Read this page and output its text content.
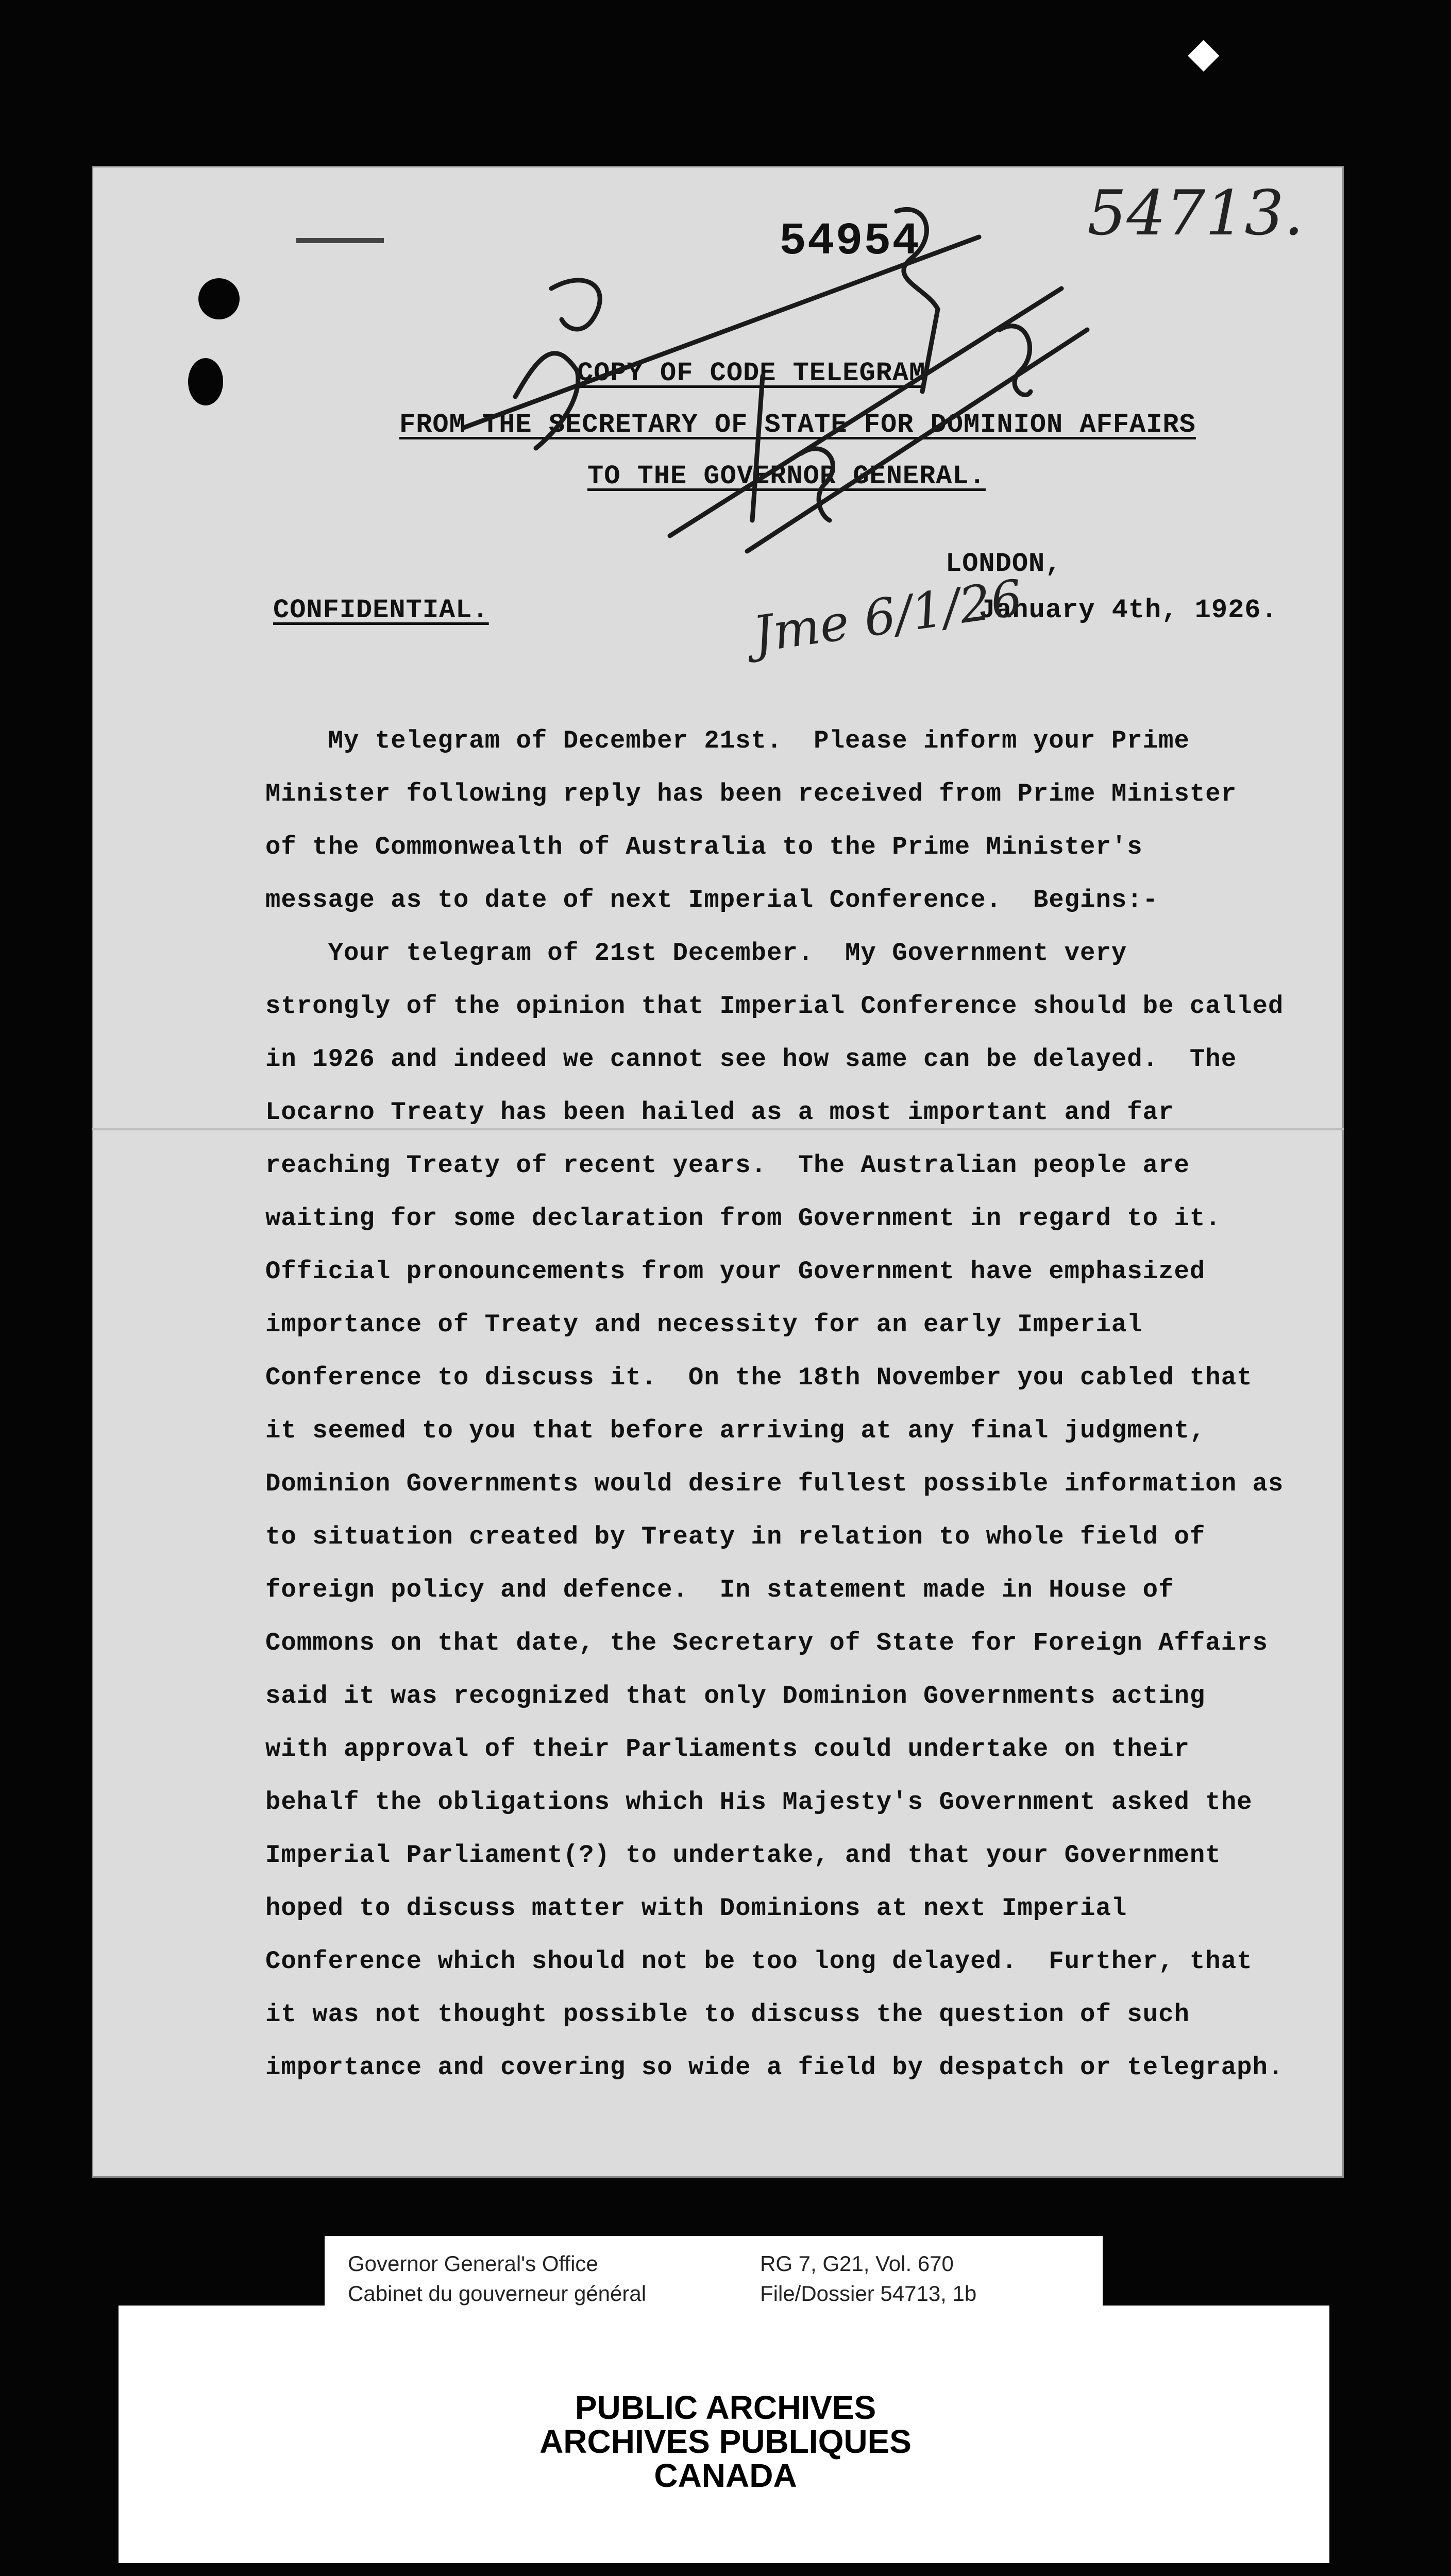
◆
54954	54713.
COPY OF CODE TELEGRAM
FROM THE SECRETARY OF STATE FOR DOMINION AFFAIRS
TO THE GOVERNOR GENERAL.
LONDON,
CONFIDENTIAL.	January 4th, 1926.
Jme 6/1/26
My telegram of December 21st.  Please inform your Prime
Minister following reply has been received from Prime Minister
of the Commonwealth of Australia to the Prime Minister's
message as to date of next Imperial Conference.  Begins:-
Your telegram of 21st December.  My Government very
strongly of the opinion that Imperial Conference should be called
in 1926 and indeed we cannot see how same can be delayed.  The
Locarno Treaty has been hailed as a most important and far
reaching Treaty of recent years.  The Australian people are
waiting for some declaration from Government in regard to it.
Official pronouncements from your Government have emphasized
importance of Treaty and necessity for an early Imperial
Conference to discuss it.  On the 18th November you cabled that
it seemed to you that before arriving at any final judgment,
Dominion Governments would desire fullest possible information as
to situation created by Treaty in relation to whole field of
foreign policy and defence.  In statement made in House of
Commons on that date, the Secretary of State for Foreign Affairs
said it was recognized that only Dominion Governments acting
with approval of their Parliaments could undertake on their
behalf the obligations which His Majesty's Government asked the
Imperial Parliament(?) to undertake, and that your Government
hoped to discuss matter with Dominions at next Imperial
Conference which should not be too long delayed.  Further, that
it was not thought possible to discuss the question of such
importance and covering so wide a field by despatch or telegraph.
Governor General's Office
Cabinet du gouverneur général
RG 7, G21, Vol. 670
File/Dossier 54713, 1b
PUBLIC ARCHIVES
ARCHIVES PUBLIQUES
CANADA
